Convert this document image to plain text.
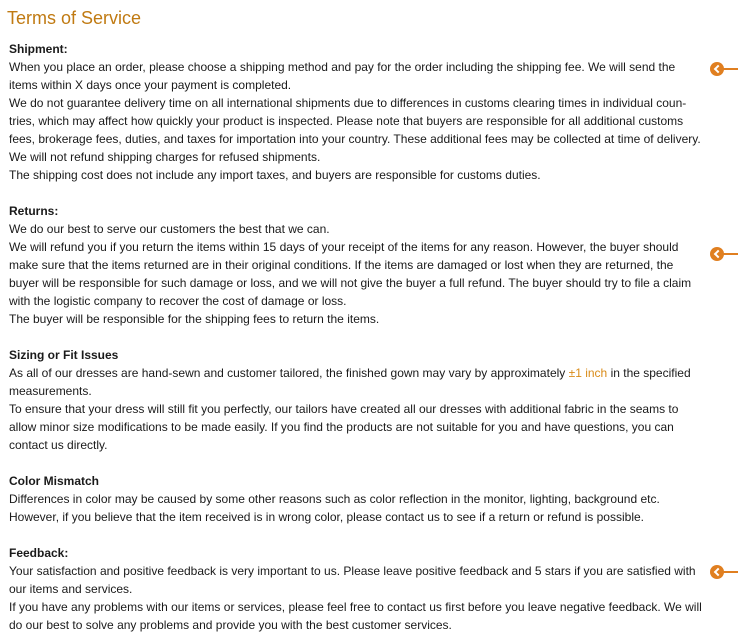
Terms of Service

Shipment:

When you place an order, please choose a shipping method and pay for the order including the shipping fee. We will send the

items within X days once your payment is completed.

We do not guarantee delivery time on all international shipments due to differences in customs clearing times in individual coun-

tries, which may affect how quickly your product is inspected. Please note that buyers are responsible for all additional customs

fees, brokerage fees, duties, and taxes for importation into your country. These additional fees may be collected at time of delivery.

We will not refund shipping charges for refused shipments.

The shipping cost does not include any import taxes, and buyers are responsible for customs duties.

Returns:

We do our best to serve our customers the best that we can.

We will refund you if you return the items within 15 days of your receipt of the items for any reason. However, the buyer should

make sure that the items returned are in their original conditions. If the items are damaged or lost when they are returned, the

buyer will be responsible for such damage or loss, and we will not give the buyer a full refund. The buyer should try to file a claim

with the logistic company to recover the cost of damage or loss.

The buyer will be responsible for the shipping fees to return the items.

Sizing or Fit Issues

As all of our dresses are hand-sewn and customer tailored, the finished gown may vary by approximately ±1 inch in the specified

measurements.

To ensure that your dress will still fit you perfectly, our tailors have created all our dresses with additional fabric in the seams to

allow minor size modifications to be made easily. If you find the products are not suitable for you and have questions, you can

contact us directly.

Color Mismatch

Differences in color may be caused by some other reasons such as color reflection in the monitor, lighting, background etc.

However, if you believe that the item received is in wrong color, please contact us to see if a return or refund is possible.

Feedback:

Your satisfaction and positive feedback is very important to us. Please leave positive feedback and 5 stars if you are satisfied with

our items and services.

If you have any problems with our items or services, please feel free to contact us first before you leave negative feedback. We will

do our best to solve any problems and provide you with the best customer services.
